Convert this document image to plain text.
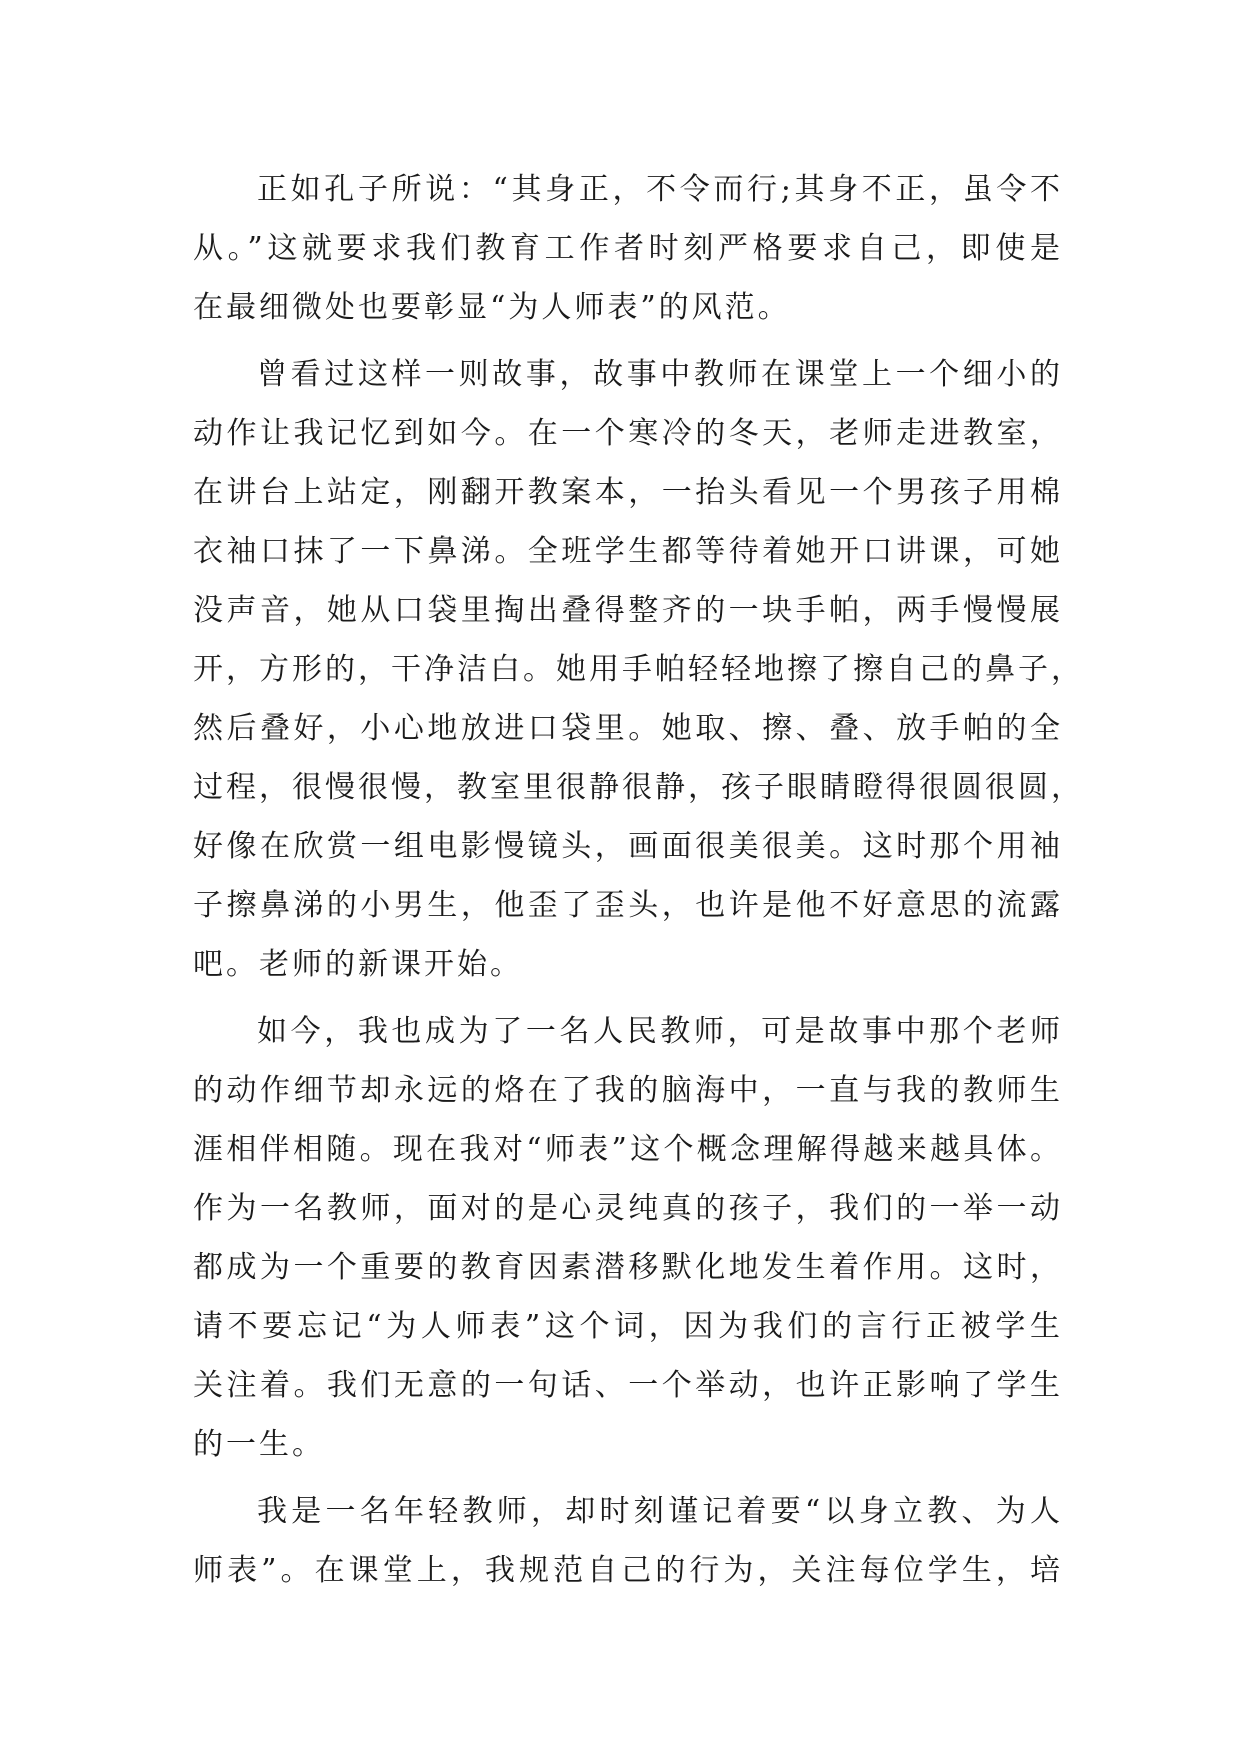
正如孔子所说：“其身正，不令而行;其身不正，虽令不
从。”这就要求我们教育工作者时刻严格要求自己，即使是
在最细微处也要彰显“为人师表”的风范。
曾看过这样一则故事，故事中教师在课堂上一个细小的
动作让我记忆到如今。在一个寒冷的冬天，老师走进教室，
在讲台上站定，刚翻开教案本，一抬头看见一个男孩子用棉
衣袖口抹了一下鼻涕。全班学生都等待着她开口讲课，可她
没声音，她从口袋里掏出叠得整齐的一块手帕，两手慢慢展
开，方形的，干净洁白。她用手帕轻轻地擦了擦自己的鼻子，
然后叠好，小心地放进口袋里。她取、擦、叠、放手帕的全
过程，很慢很慢，教室里很静很静，孩子眼睛瞪得很圆很圆，
好像在欣赏一组电影慢镜头，画面很美很美。这时那个用袖
子擦鼻涕的小男生，他歪了歪头，也许是他不好意思的流露
吧。老师的新课开始。
如今，我也成为了一名人民教师，可是故事中那个老师
的动作细节却永远的烙在了我的脑海中，一直与我的教师生
涯相伴相随。现在我对“师表”这个概念理解得越来越具体。
作为一名教师，面对的是心灵纯真的孩子，我们的一举一动
都成为一个重要的教育因素潜移默化地发生着作用。这时，
请不要忘记“为人师表”这个词，因为我们的言行正被学生
关注着。我们无意的一句话、一个举动，也许正影响了学生
的一生。
我是一名年轻教师，却时刻谨记着要“以身立教、为人
师表”。在课堂上，我规范自己的行为，关注每位学生，培
